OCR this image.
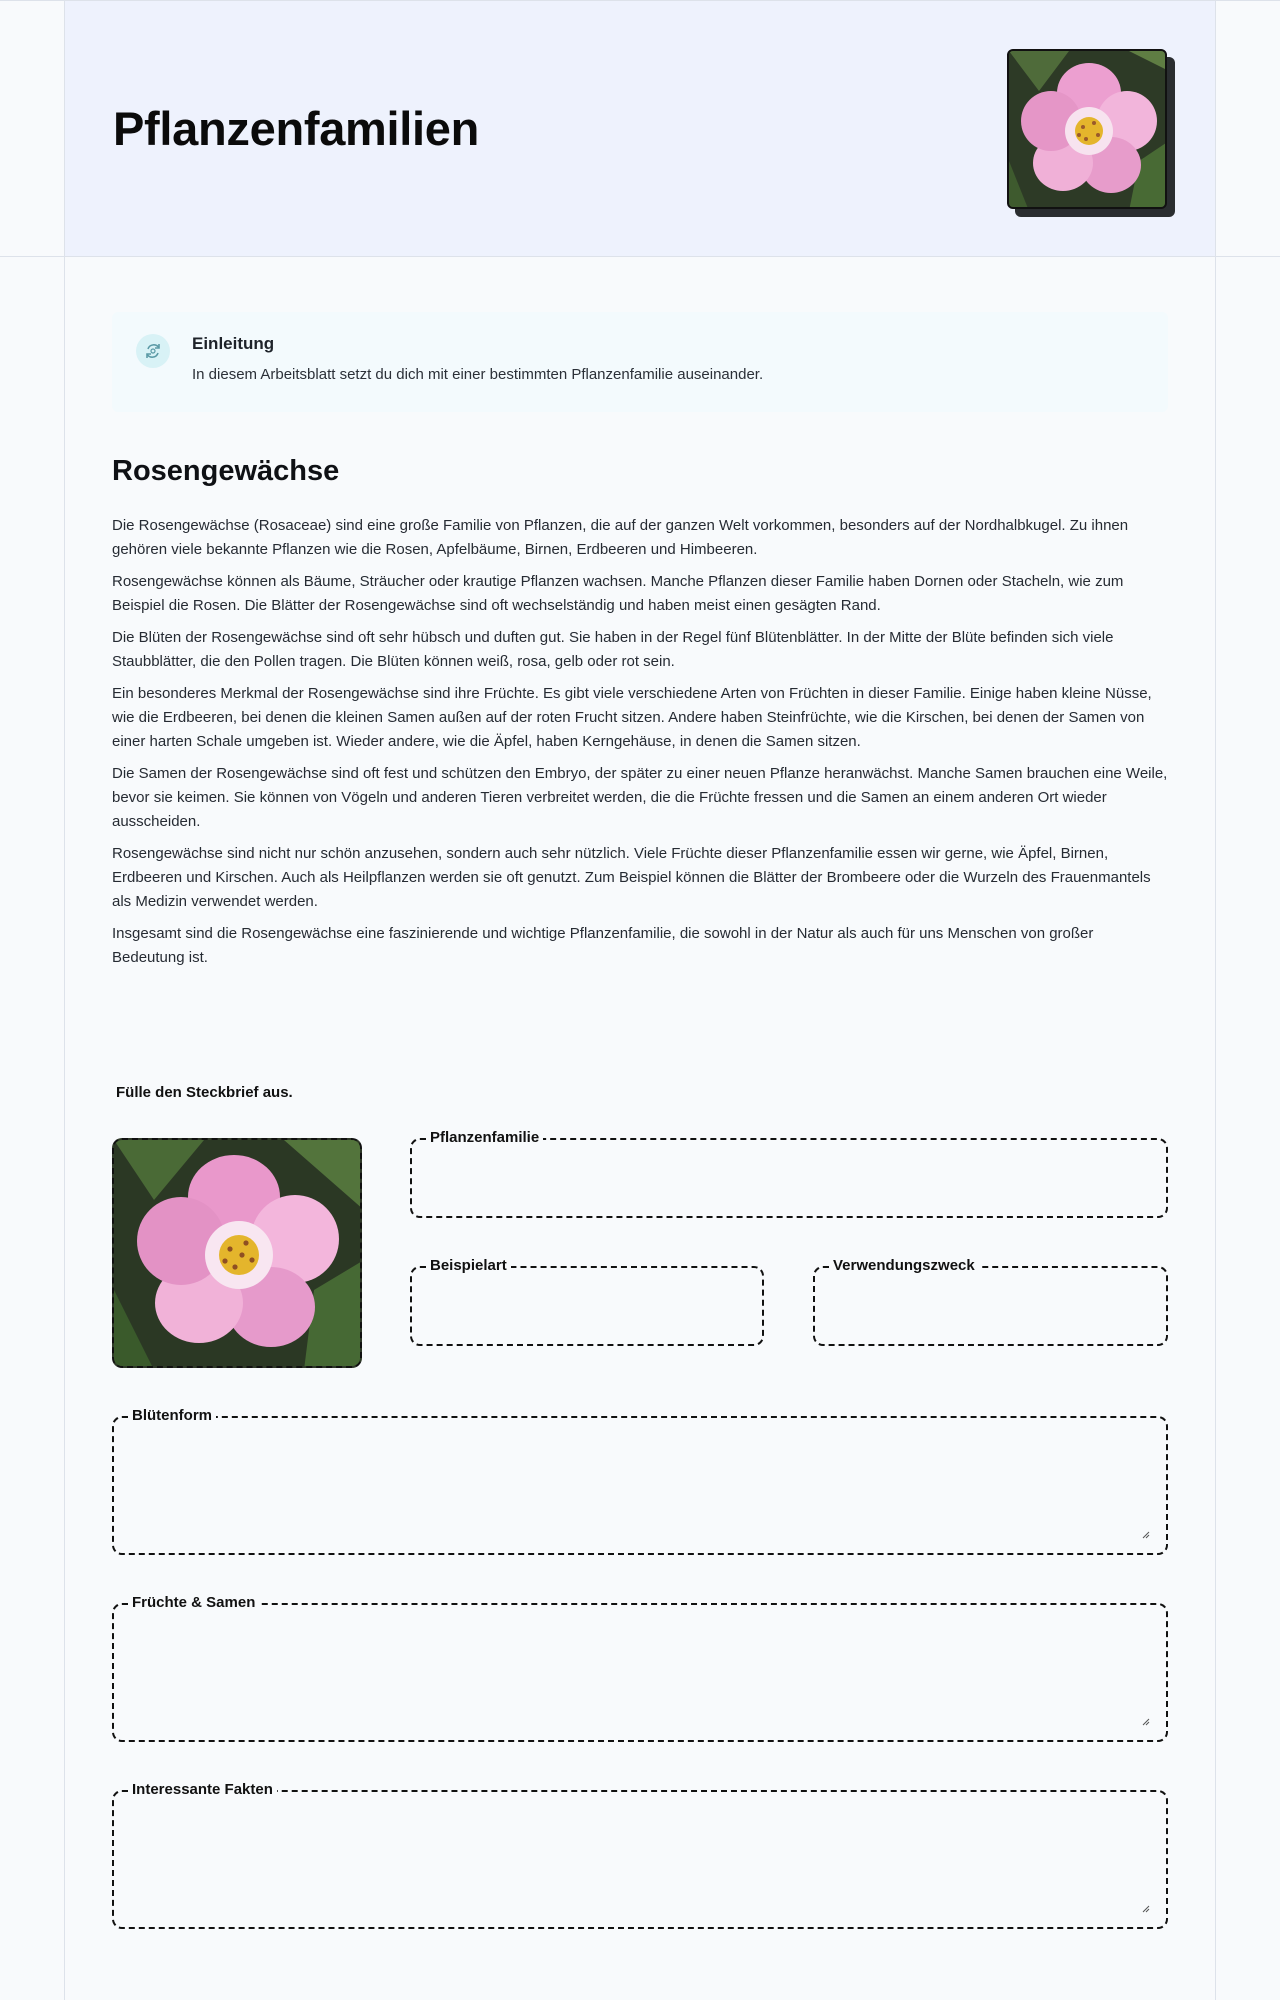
Pflanzenfamilien
Einleitung
In diesem Arbeitsblatt setzt du dich mit einer bestimmten Pflanzenfamilie auseinander.
Rosengewächse

Die Rosengewächse (Rosaceae) sind eine große Familie von Pflanzen, die auf der ganzen Welt vorkommen, besonders auf der Nordhalbkugel. Zu ihnen gehören viele bekannte Pflanzen wie die Rosen, Apfelbäume, Birnen, Erdbeeren und Himbeeren.

Rosengewächse können als Bäume, Sträucher oder krautige Pflanzen wachsen. Manche Pflanzen dieser Familie haben Dornen oder Stacheln, wie zum Beispiel die Rosen. Die Blätter der Rosengewächse sind oft wechselständig und haben meist einen gesägten Rand.

Die Blüten der Rosengewächse sind oft sehr hübsch und duften gut. Sie haben in der Regel fünf Blütenblätter. In der Mitte der Blüte befinden sich viele Staubblätter, die den Pollen tragen. Die Blüten können weiß, rosa, gelb oder rot sein.

Ein besonderes Merkmal der Rosengewächse sind ihre Früchte. Es gibt viele verschiedene Arten von Früchten in dieser Familie. Einige haben kleine Nüsse, wie die Erdbeeren, bei denen die kleinen Samen außen auf der roten Frucht sitzen. Andere haben Steinfrüchte, wie die Kirschen, bei denen der Samen von einer harten Schale umgeben ist. Wieder andere, wie die Äpfel, haben Kerngehäuse, in denen die Samen sitzen.

Die Samen der Rosengewächse sind oft fest und schützen den Embryo, der später zu einer neuen Pflanze heranwächst. Manche Samen brauchen eine Weile, bevor sie keimen. Sie können von Vögeln und anderen Tieren verbreitet werden, die die Früchte fressen und die Samen an einem anderen Ort wieder ausscheiden.

Rosengewächse sind nicht nur schön anzusehen, sondern auch sehr nützlich. Viele Früchte dieser Pflanzenfamilie essen wir gerne, wie Äpfel, Birnen, Erdbeeren und Kirschen. Auch als Heilpflanzen werden sie oft genutzt. Zum Beispiel können die Blätter der Brombeere oder die Wurzeln des Frauenmantels als Medizin verwendet werden.

Insgesamt sind die Rosengewächse eine faszinierende und wichtige Pflanzenfamilie, die sowohl in der Natur als auch für uns Menschen von großer Bedeutung ist.

Fülle den Steckbrief aus.
Pflanzenfamilie
Beispielart	Verwendungszweck
Blütenform
Früchte & Samen
Interessante Fakten
